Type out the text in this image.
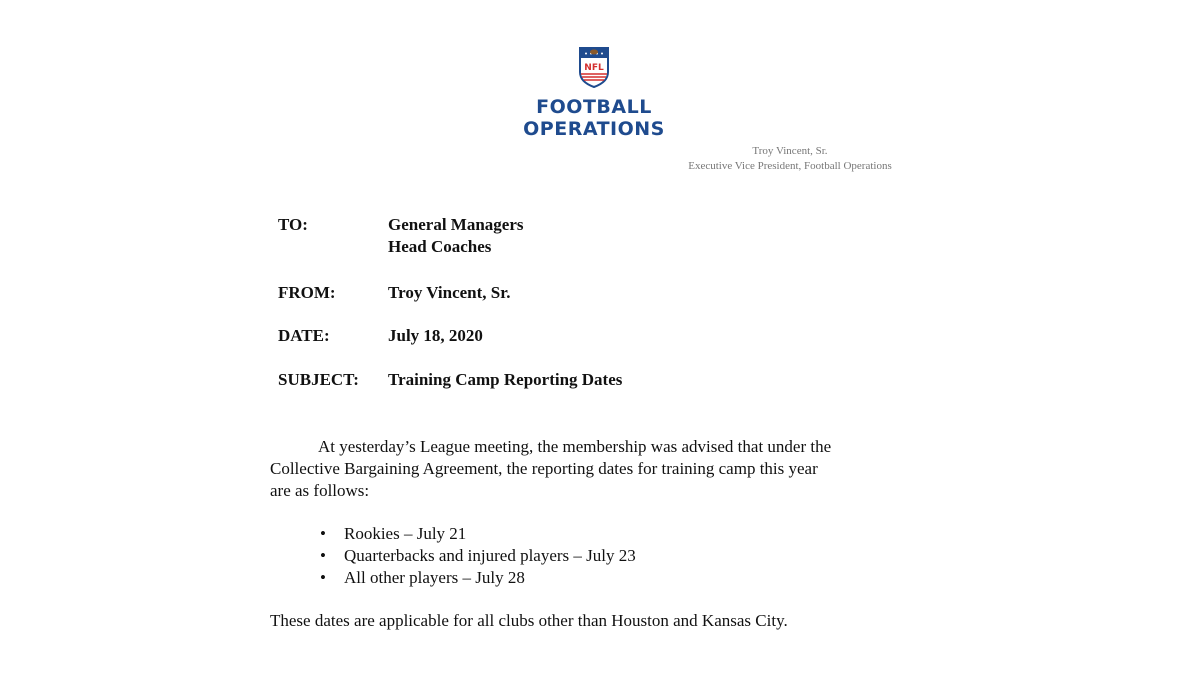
NFL
FOOTBALL
OPERATIONS
Troy Vincent, Sr.
Executive Vice President, Football Operations
TO:	General Managers
Head Coaches
FROM:	Troy Vincent, Sr.
DATE:	July 18, 2020
SUBJECT:	Training Camp Reporting Dates
At yesterday’s League meeting, the membership was advised that under the
Collective Bargaining Agreement, the reporting dates for training camp this year
are as follows:
• Rookies – July 21
• Quarterbacks and injured players – July 23
• All other players – July 28
These dates are applicable for all clubs other than Houston and Kansas City.
